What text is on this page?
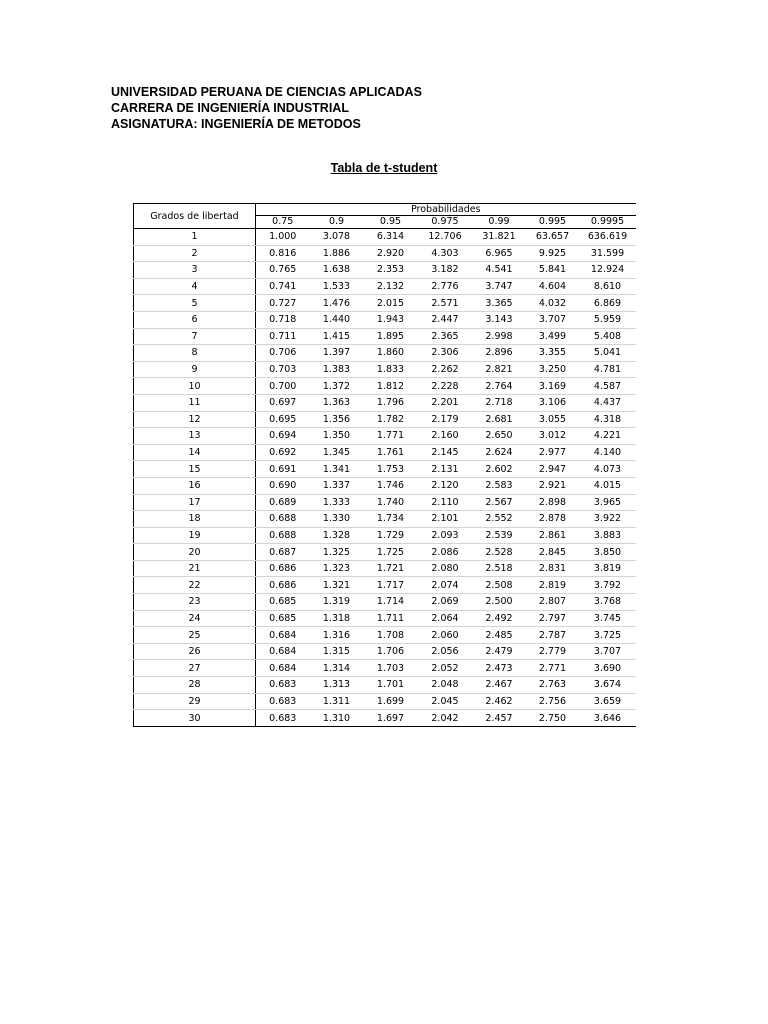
UNIVERSIDAD PERUANA DE CIENCIAS APLICADAS
CARRERA DE INGENIERÍA INDUSTRIAL
ASIGNATURA: INGENIERÍA DE METODOS
Tabla de t-student
Grados de libertad	Probabilidades						
	0.75	0.9	0.95	0.975	0.99	0.995	0.9995
1	1.000	3.078	6.314	12.706	31.821	63.657	636.619
2	0.816	1.886	2.920	4.303	6.965	9.925	31.599
3	0.765	1.638	2.353	3.182	4.541	5.841	12.924
4	0.741	1.533	2.132	2.776	3.747	4.604	8.610
5	0.727	1.476	2.015	2.571	3.365	4.032	6.869
6	0.718	1.440	1.943	2.447	3.143	3.707	5.959
7	0.711	1.415	1.895	2.365	2.998	3.499	5.408
8	0.706	1.397	1.860	2.306	2.896	3.355	5.041
9	0.703	1.383	1.833	2.262	2.821	3.250	4.781
10	0.700	1.372	1.812	2.228	2.764	3.169	4.587
11	0.697	1.363	1.796	2.201	2.718	3.106	4.437
12	0.695	1.356	1.782	2.179	2.681	3.055	4.318
13	0.694	1.350	1.771	2.160	2.650	3.012	4.221
14	0.692	1.345	1.761	2.145	2.624	2.977	4.140
15	0.691	1.341	1.753	2.131	2.602	2.947	4.073
16	0.690	1.337	1.746	2.120	2.583	2.921	4.015
17	0.689	1.333	1.740	2.110	2.567	2.898	3.965
18	0.688	1.330	1.734	2.101	2.552	2.878	3.922
19	0.688	1.328	1.729	2.093	2.539	2.861	3.883
20	0.687	1.325	1.725	2.086	2.528	2.845	3.850
21	0.686	1.323	1.721	2.080	2.518	2.831	3.819
22	0.686	1.321	1.717	2.074	2.508	2.819	3.792
23	0.685	1.319	1.714	2.069	2.500	2.807	3.768
24	0.685	1.318	1.711	2.064	2.492	2.797	3.745
25	0.684	1.316	1.708	2.060	2.485	2.787	3.725
26	0.684	1.315	1.706	2.056	2.479	2.779	3.707
27	0.684	1.314	1.703	2.052	2.473	2.771	3.690
28	0.683	1.313	1.701	2.048	2.467	2.763	3.674
29	0.683	1.311	1.699	2.045	2.462	2.756	3.659
30	0.683	1.310	1.697	2.042	2.457	2.750	3.646
